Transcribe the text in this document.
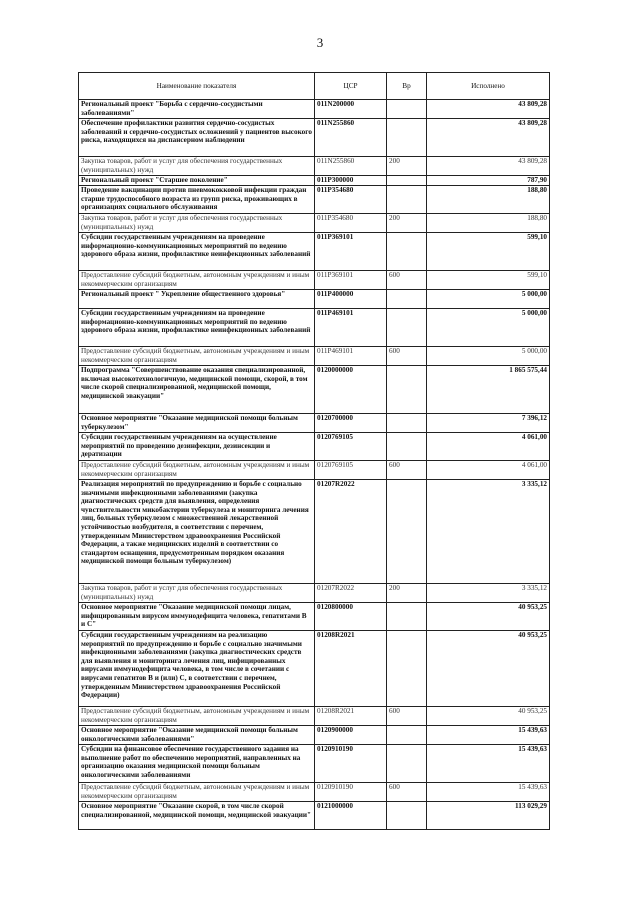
3
Наименование показателя	ЦСР	Вр	Исполнено
Региональный проект "Борьба с сердечно-сосудистыми заболеваниями"	011N200000		43 809,28
Обеспечение профилактики развития сердечно-сосудистых заболеваний и сердечно-сосудистых осложнений у пациентов высокого риска, находящихся на диспансерном наблюдении	011N255860		43 809,28
Закупка товаров, работ и услуг для обеспечения государственных (муниципальных) нужд	011N255860	200	43 809,28
Региональный проект "Старшее поколение"	011P300000		787,90
Проведение вакцинации против пневмококковой инфекции граждан старше трудоспособного возраста из групп риска, проживающих в организациях социального обслуживания	011P354680		188,80
Закупка товаров, работ и услуг для обеспечения государственных (муниципальных) нужд	011P354680	200	188,80
Субсидии государственным учреждениям на проведение информационно-коммуникационных мероприятий по ведению здорового образа жизни, профилактике неинфекционных заболеваний	011P369101		599,10
Предоставление субсидий бюджетным, автономным учреждениям и иным некоммерческим организациям	011P369101	600	599,10
Региональный проект " Укрепление общественного здоровья"	011P400000		5 000,00
Субсидии государственным учреждениям на проведение информационно-коммуникационных мероприятий по ведению здорового образа жизни, профилактике неинфекционных заболеваний	011P469101		5 000,00
Предоставление субсидий бюджетным, автономным учреждениям и иным некоммерческим организациям	011P469101	600	5 000,00
Подпрограмма "Совершенствование оказания специализированной, включая высокотехнологичную, медицинской помощи, скорой, в том числе скорой специализированной, медицинской помощи, медицинской эвакуации"	0120000000		1 865 575,44
Основное мероприятие "Оказание медицинской помощи больным туберкулезом"	0120700000		7 396,12
Субсидии государственным учреждениям на осуществление мероприятий по проведению дезинфекции, дезинсекции и дератизации	0120769105		4 061,00
Предоставление субсидий бюджетным, автономным учреждениям и иным некоммерческим организациям	0120769105	600	4 061,00
Реализация мероприятий по предупреждению и борьбе с социально значимыми инфекционными заболеваниями (закупка диагностических средств для выявления, определения чувствительности микобактерии туберкулеза и мониторинга лечения лиц, больных туберкулезом с множественной лекарственной устойчивостью возбудителя, в соответствии с перечнем, утвержденным Министерством здравоохранения Российской Федерации, а также медицинских изделий в соответствии со стандартом оснащения, предусмотренным порядком оказания медицинской помощи больным туберкулезом)	01207R2022		3 335,12
Закупка товаров, работ и услуг для обеспечения государственных (муниципальных) нужд	01207R2022	200	3 335,12
Основное мероприятие "Оказание медицинской помощи лицам, инфицированным вирусом иммунодефицита человека, гепатитами В и С"	0120800000		40 953,25
Субсидии государственным учреждениям на реализацию мероприятий по предупреждению и борьбе с социально значимыми инфекционными заболеваниями (закупка диагностических средств для выявления и мониторинга лечения лиц, инфицированных вирусами иммунодефицита человека, в том числе в сочетании с вирусами гепатитов В и (или) С, в соответствии с перечнем, утвержденным Министерством здравоохранения Российской Федерации)	01208R2021		40 953,25
Предоставление субсидий бюджетным, автономным учреждениям и иным некоммерческим организациям	01208R2021	600	40 953,25
Основное мероприятие "Оказание медицинской помощи больным онкологическими заболеваниями"	0120900000		15 439,63
Субсидии на финансовое обеспечение государственного задания на выполнение работ по обеспечению мероприятий, направленных на организацию оказания медицинской помощи больным онкологическими заболеваниями	0120910190		15 439,63
Предоставление субсидий бюджетным, автономным учреждениям и иным некоммерческим организациям	0120910190	600	15 439,63
Основное мероприятие "Оказание скорой, в том числе скорой специализированной, медицинской помощи, медицинской эвакуации"	0121000000		113 029,29
